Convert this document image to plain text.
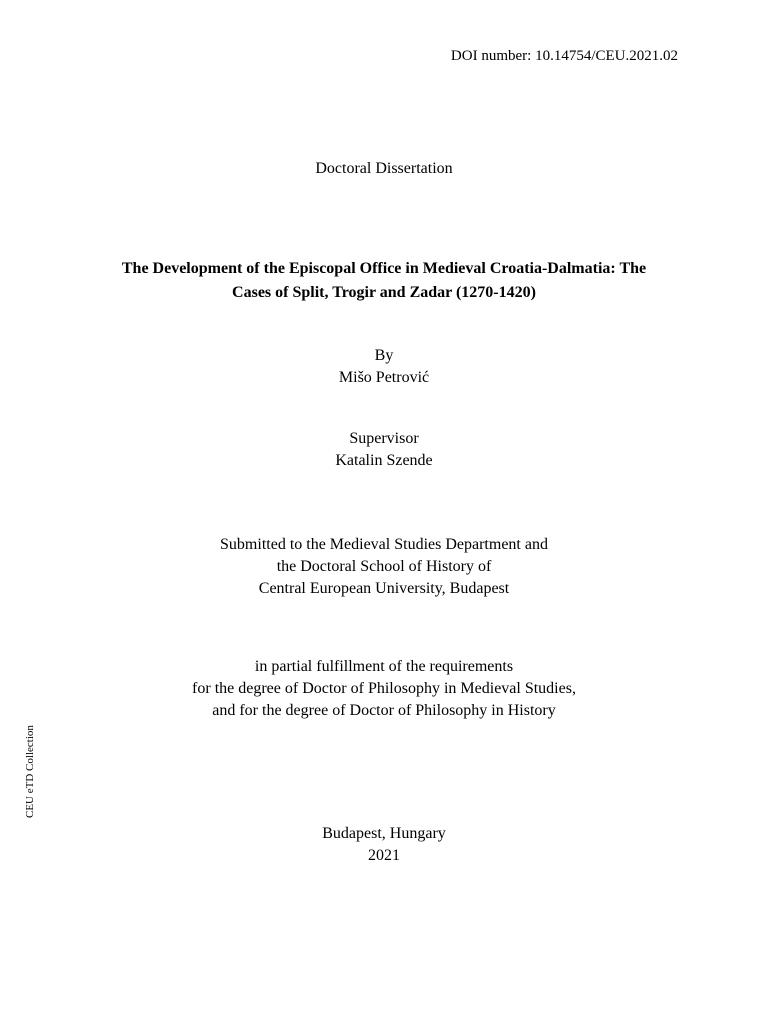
DOI number: 10.14754/CEU.2021.02
Doctoral Dissertation
The Development of the Episcopal Office in Medieval Croatia-Dalmatia: The
Cases of Split, Trogir and Zadar (1270-1420)
By
Mišo Petrović
Supervisor
Katalin Szende
Submitted to the Medieval Studies Department and
the Doctoral School of History of
Central European University, Budapest
in partial fulfillment of the requirements
for the degree of Doctor of Philosophy in Medieval Studies,
and for the degree of Doctor of Philosophy in History
Budapest, Hungary
2021
CEU eTD Collection
